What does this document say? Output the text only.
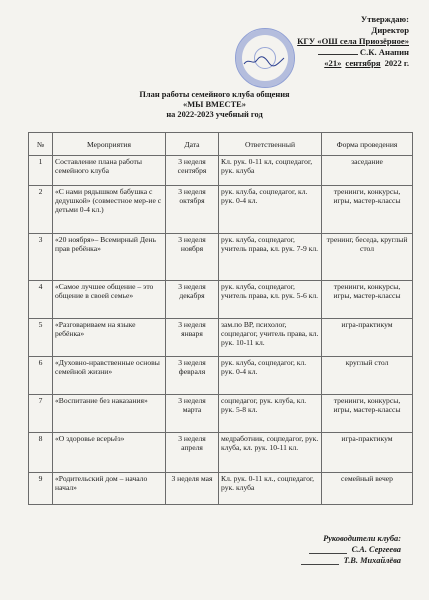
Утверждаю:
Директор
КГУ «ОШ села Приозёрное»
«21» сентября 2022 г.
С.К. Анапин
План работы семейного клуба общения
«МЫ ВМЕСТЕ»
на 2022-2023 учебный год
№	Мероприятия	Дата	Ответственный	Форма проведения
1	Составление плана работы семейного клуба	3 неделя сентября	Кл. рук. 0-11 кл, соцпедагог, рук. клуба	заседание
2	«С нами рядышком бабушка с дедушкой» (совместное мер-ие с детьми 0-4 кл.)	3 неделя октября	рук. клу.ба, соцпедагог, кл. рук. 0-4 кл.	тренинги, конкурсы, игры, мастер-классы
3	«20 ноября»– Всемирный День прав ребёнка»	3 неделя ноября	рук. клуба, соцпедагог, учитель права, кл. рук. 7-9 кл.	тренинг, беседа, круглый стол
4	«Самое лучшее общение – это общение в своей семье»	3 неделя декабря	рук. клуба, соцпедагог, учитель права, кл. рук. 5-6 кл.	тренинги, конкурсы, игры, мастер-классы
5	«Разговариваем на языке ребёнка»	3 неделя января	зам.по ВР, психолог, соцпедагог, учитель права, кл. рук. 10-11 кл.	игра-практикум
6	«Духовно-нравственные основы семейной жизни»	3 неделя февраля	рук. клуба, соцпедагог, кл. рук. 0-4 кл.	круглый стол
7	«Воспитание без наказания»	3 неделя марта	соцпедагог, рук. клуба, кл. рук. 5-8 кл.	тренинги, конкурсы, игры, мастер-классы
8	«О здоровье всерьёз»	3 неделя апреля	медработник, соцпедагог, рук. клуба, кл. рук. 10-11 кл.	игра-практикум
9	«Родительский дом – начало начал»	3 неделя мая	Кл. рук. 0-11 кл., соцпедагог, рук. клуба	семейный вечер
Руководители клуба:
С.А. Сергеева
Т.В. Михайлёва
